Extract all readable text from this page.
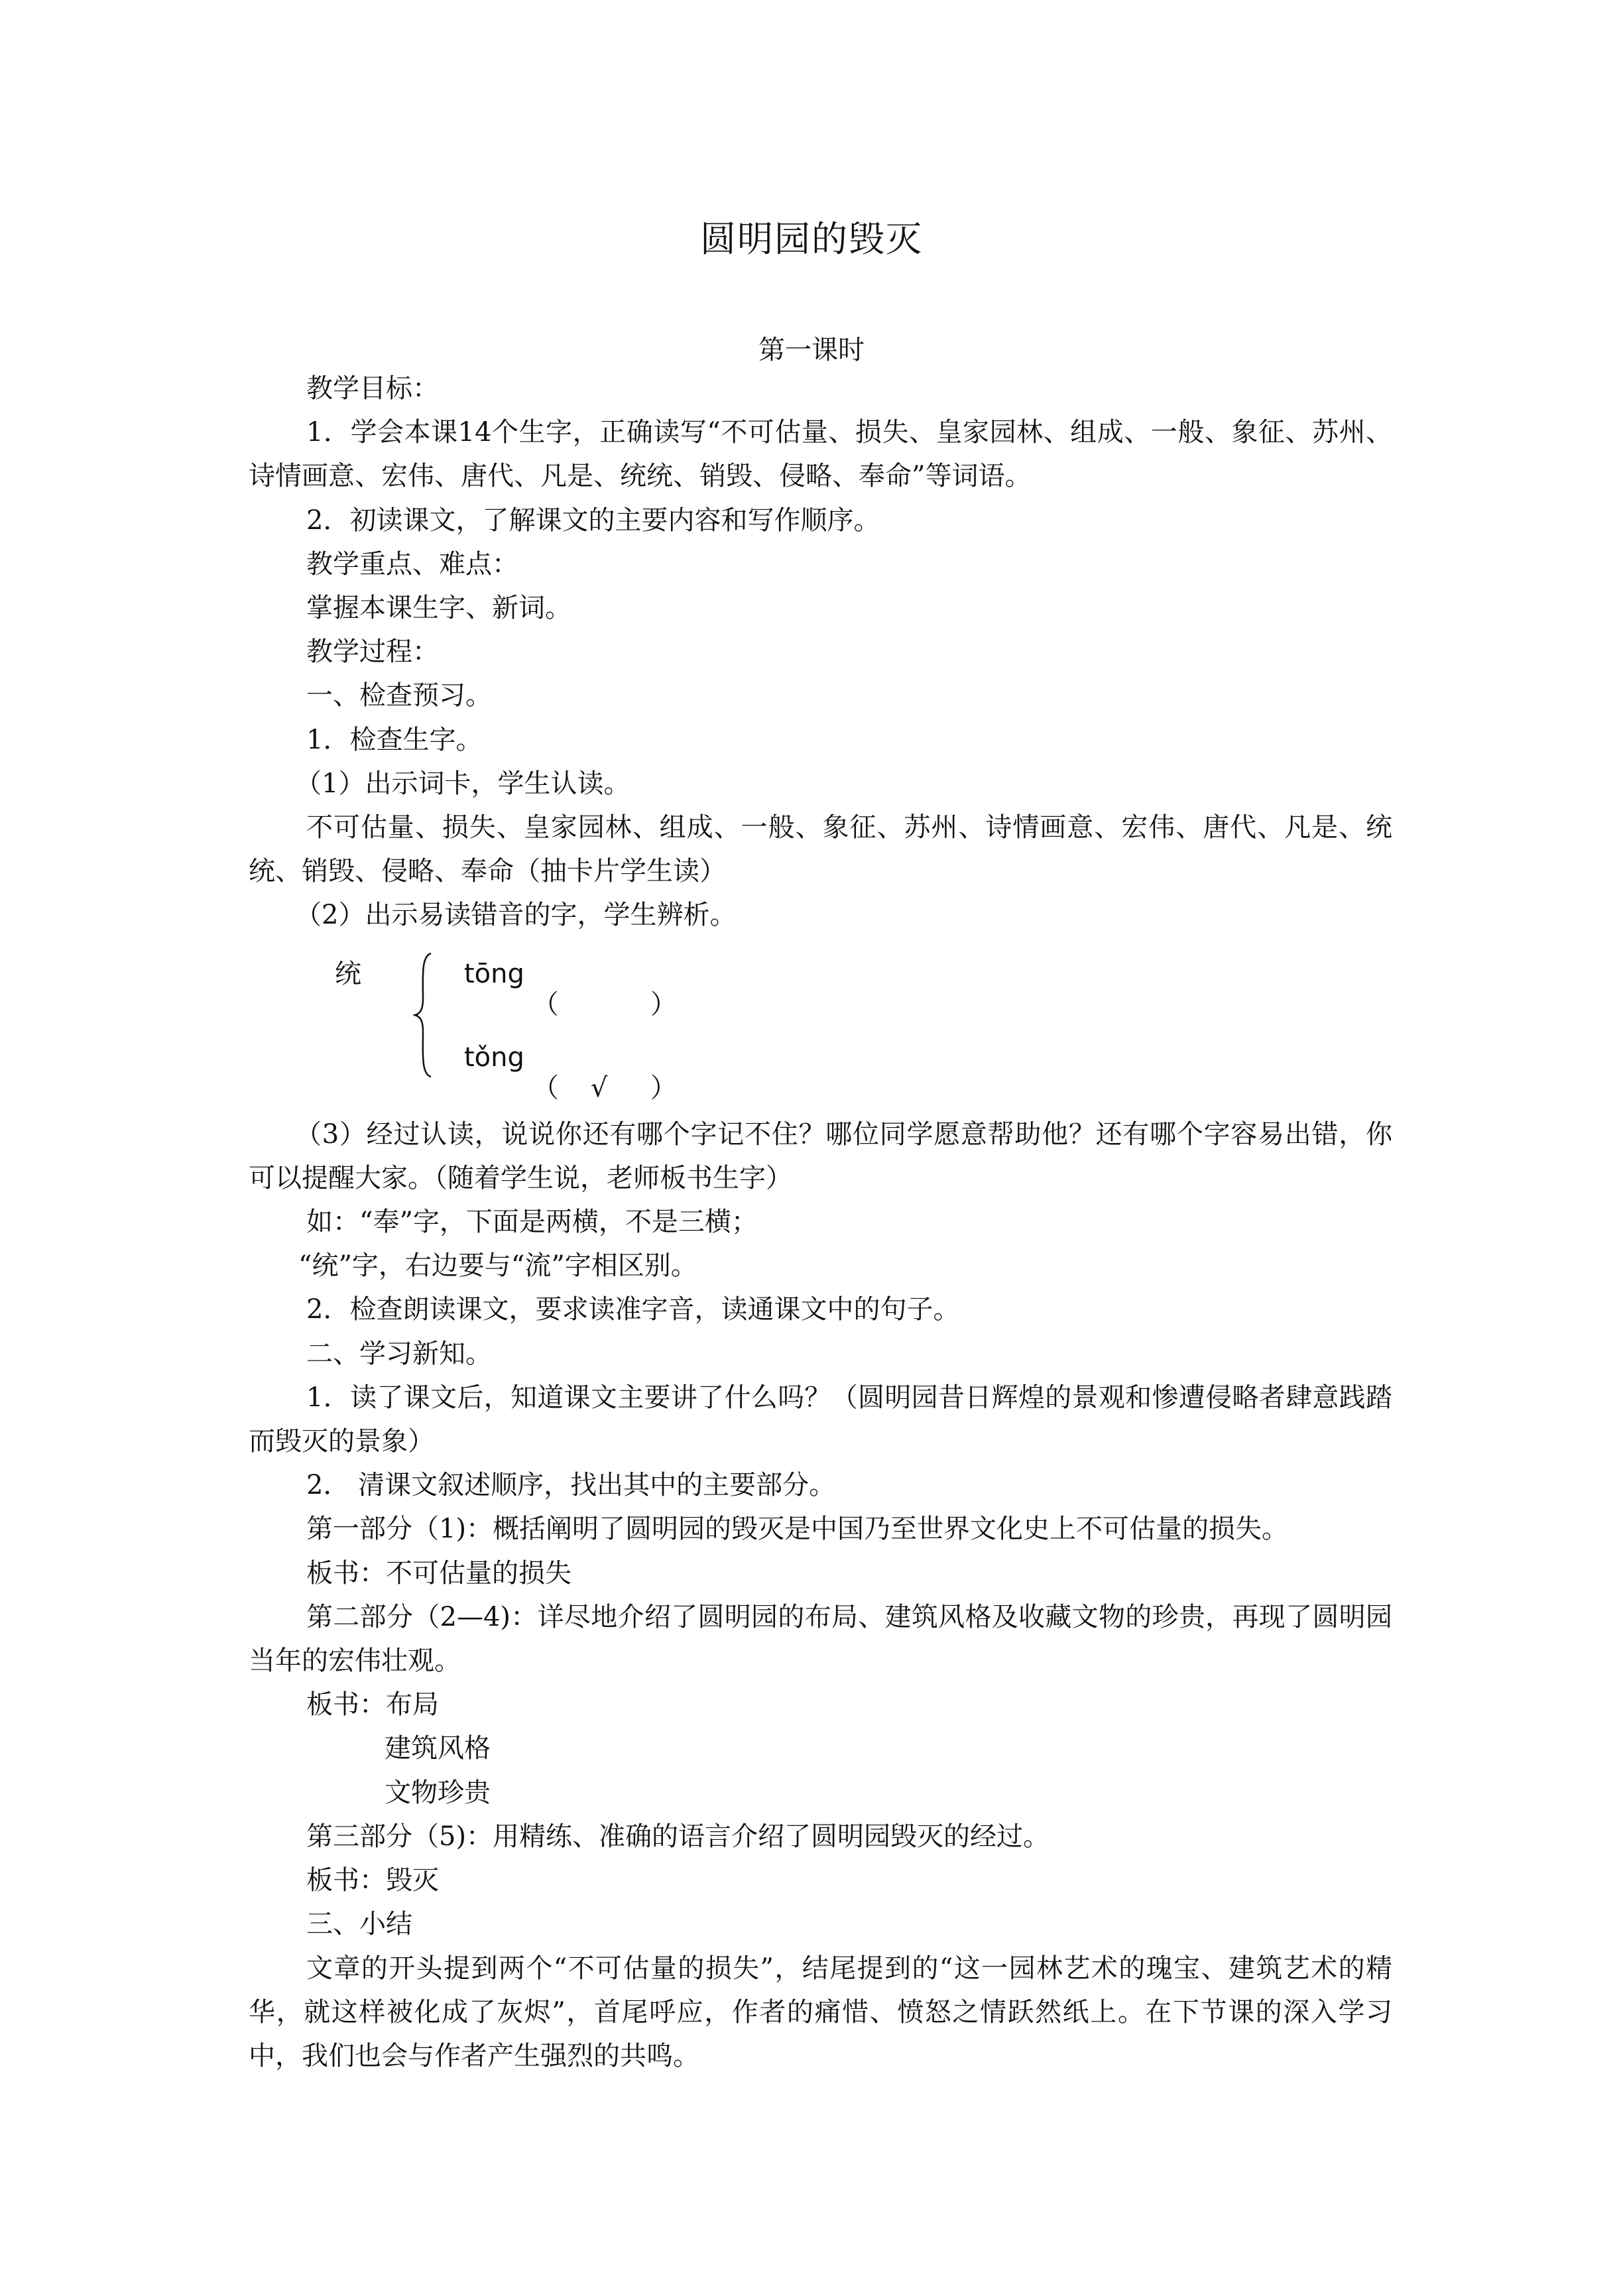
圆明园的毁灭
第一课时

教学目标：

1．学会本课14个生字，正确读写“不可估量、损失、皇家园林、组成、一般、象征、苏州、诗情画意、宏伟、唐代、凡是、统统、销毁、侵略、奉命”等词语。

2．初读课文，了解课文的主要内容和写作顺序。

教学重点、难点：

掌握本课生字、新词。

教学过程：

一、检查预习。

1．检查生字。

（1）出示词卡，学生认读。

不可估量、损失、皇家园林、组成、一般、象征、苏州、诗情画意、宏伟、唐代、凡是、统统、销毁、侵略、奉命（抽卡片学生读）

（2）出示易读错音的字，学生辨析。

统	tōng
（	）
tǒng
（ √ ）

（3）经过认读，说说你还有哪个字记不住？哪位同学愿意帮助他？还有哪个字容易出错，你可以提醒大家。（随着学生说，老师板书生字）

如：“奉”字，下面是两横，不是三横；

“统”字，右边要与“流”字相区别。

2．检查朗读课文，要求读准字音，读通课文中的句子。

二、学习新知。

1．读了课文后，知道课文主要讲了什么吗？（圆明园昔日辉煌的景观和惨遭侵略者肆意践踏而毁灭的景象）

2． 清课文叙述顺序，找出其中的主要部分。

第一部分（1)：概括阐明了圆明园的毁灭是中国乃至世界文化史上不可估量的损失。

板书：不可估量的损失

第二部分（2—4)：详尽地介绍了圆明园的布局、建筑风格及收藏文物的珍贵，再现了圆明园当年的宏伟壮观。

板书：布局

建筑风格

文物珍贵

第三部分（5)：用精练、准确的语言介绍了圆明园毁灭的经过。

板书：毁灭

三、小结

文章的开头提到两个“不可估量的损失”，结尾提到的“这一园林艺术的瑰宝、建筑艺术的精华，就这样被化成了灰烬”，首尾呼应，作者的痛惜、愤怒之情跃然纸上。在下节课的深入学习中，我们也会与作者产生强烈的共鸣。
